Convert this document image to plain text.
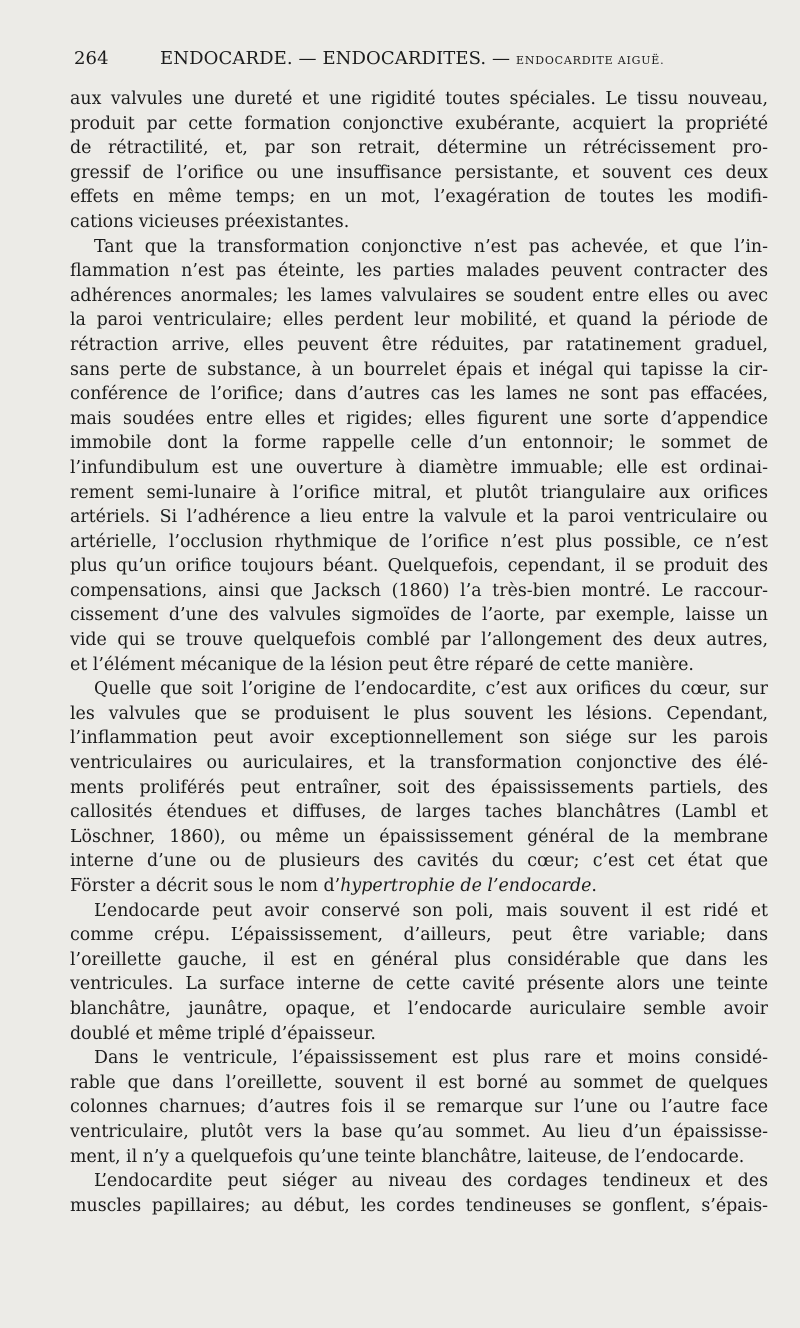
264	ENDOCARDE. — ENDOCARDITES. — ENDOCARDITE AIGUË.
aux valvules une dureté et une rigidité toutes spéciales. Le tissu nouveau,
produit par cette formation conjonctive exubérante, acquiert la propriété
de rétractilité, et, par son retrait, détermine un rétrécissement pro-
gressif de l’orifice ou une insuffisance persistante, et souvent ces deux
effets en même temps; en un mot, l’exagération de toutes les modifi-
cations vicieuses préexistantes.
Tant que la transformation conjonctive n’est pas achevée, et que l’in-
flammation n’est pas éteinte, les parties malades peuvent contracter des
adhérences anormales; les lames valvulaires se soudent entre elles ou avec
la paroi ventriculaire; elles perdent leur mobilité, et quand la période de
rétraction arrive, elles peuvent être réduites, par ratatinement graduel,
sans perte de substance, à un bourrelet épais et inégal qui tapisse la cir-
conférence de l’orifice; dans d’autres cas les lames ne sont pas effacées,
mais soudées entre elles et rigides; elles figurent une sorte d’appendice
immobile dont la forme rappelle celle d’un entonnoir; le sommet de
l’infundibulum est une ouverture à diamètre immuable; elle est ordinai-
rement semi-lunaire à l’orifice mitral, et plutôt triangulaire aux orifices
artériels. Si l’adhérence a lieu entre la valvule et la paroi ventriculaire ou
artérielle, l’occlusion rhythmique de l’orifice n’est plus possible, ce n’est
plus qu’un orifice toujours béant. Quelquefois, cependant, il se produit des
compensations, ainsi que Jacksch (1860) l’a très-bien montré. Le raccour-
cissement d’une des valvules sigmoïdes de l’aorte, par exemple, laisse un
vide qui se trouve quelquefois comblé par l’allongement des deux autres,
et l’élément mécanique de la lésion peut être réparé de cette manière.
Quelle que soit l’origine de l’endocardite, c’est aux orifices du cœur, sur
les valvules que se produisent le plus souvent les lésions. Cependant,
l’inflammation peut avoir exceptionnellement son siége sur les parois
ventriculaires ou auriculaires, et la transformation conjonctive des élé-
ments proliférés peut entraîner, soit des épaississements partiels, des
callosités étendues et diffuses, de larges taches blanchâtres (Lambl et
Löschner, 1860), ou même un épaississement général de la membrane
interne d’une ou de plusieurs des cavités du cœur; c’est cet état que
Förster a décrit sous le nom d’hypertrophie de l’endocarde.
L’endocarde peut avoir conservé son poli, mais souvent il est ridé et
comme crépu. L’épaississement, d’ailleurs, peut être variable; dans
l’oreillette gauche, il est en général plus considérable que dans les
ventricules. La surface interne de cette cavité présente alors une teinte
blanchâtre, jaunâtre, opaque, et l’endocarde auriculaire semble avoir
doublé et même triplé d’épaisseur.
Dans le ventricule, l’épaississement est plus rare et moins considé-
rable que dans l’oreillette, souvent il est borné au sommet de quelques
colonnes charnues; d’autres fois il se remarque sur l’une ou l’autre face
ventriculaire, plutôt vers la base qu’au sommet. Au lieu d’un épaississe-
ment, il n’y a quelquefois qu’une teinte blanchâtre, laiteuse, de l’endocarde.
L’endocardite peut siéger au niveau des cordages tendineux et des
muscles papillaires; au début, les cordes tendineuses se gonflent, s’épais-
